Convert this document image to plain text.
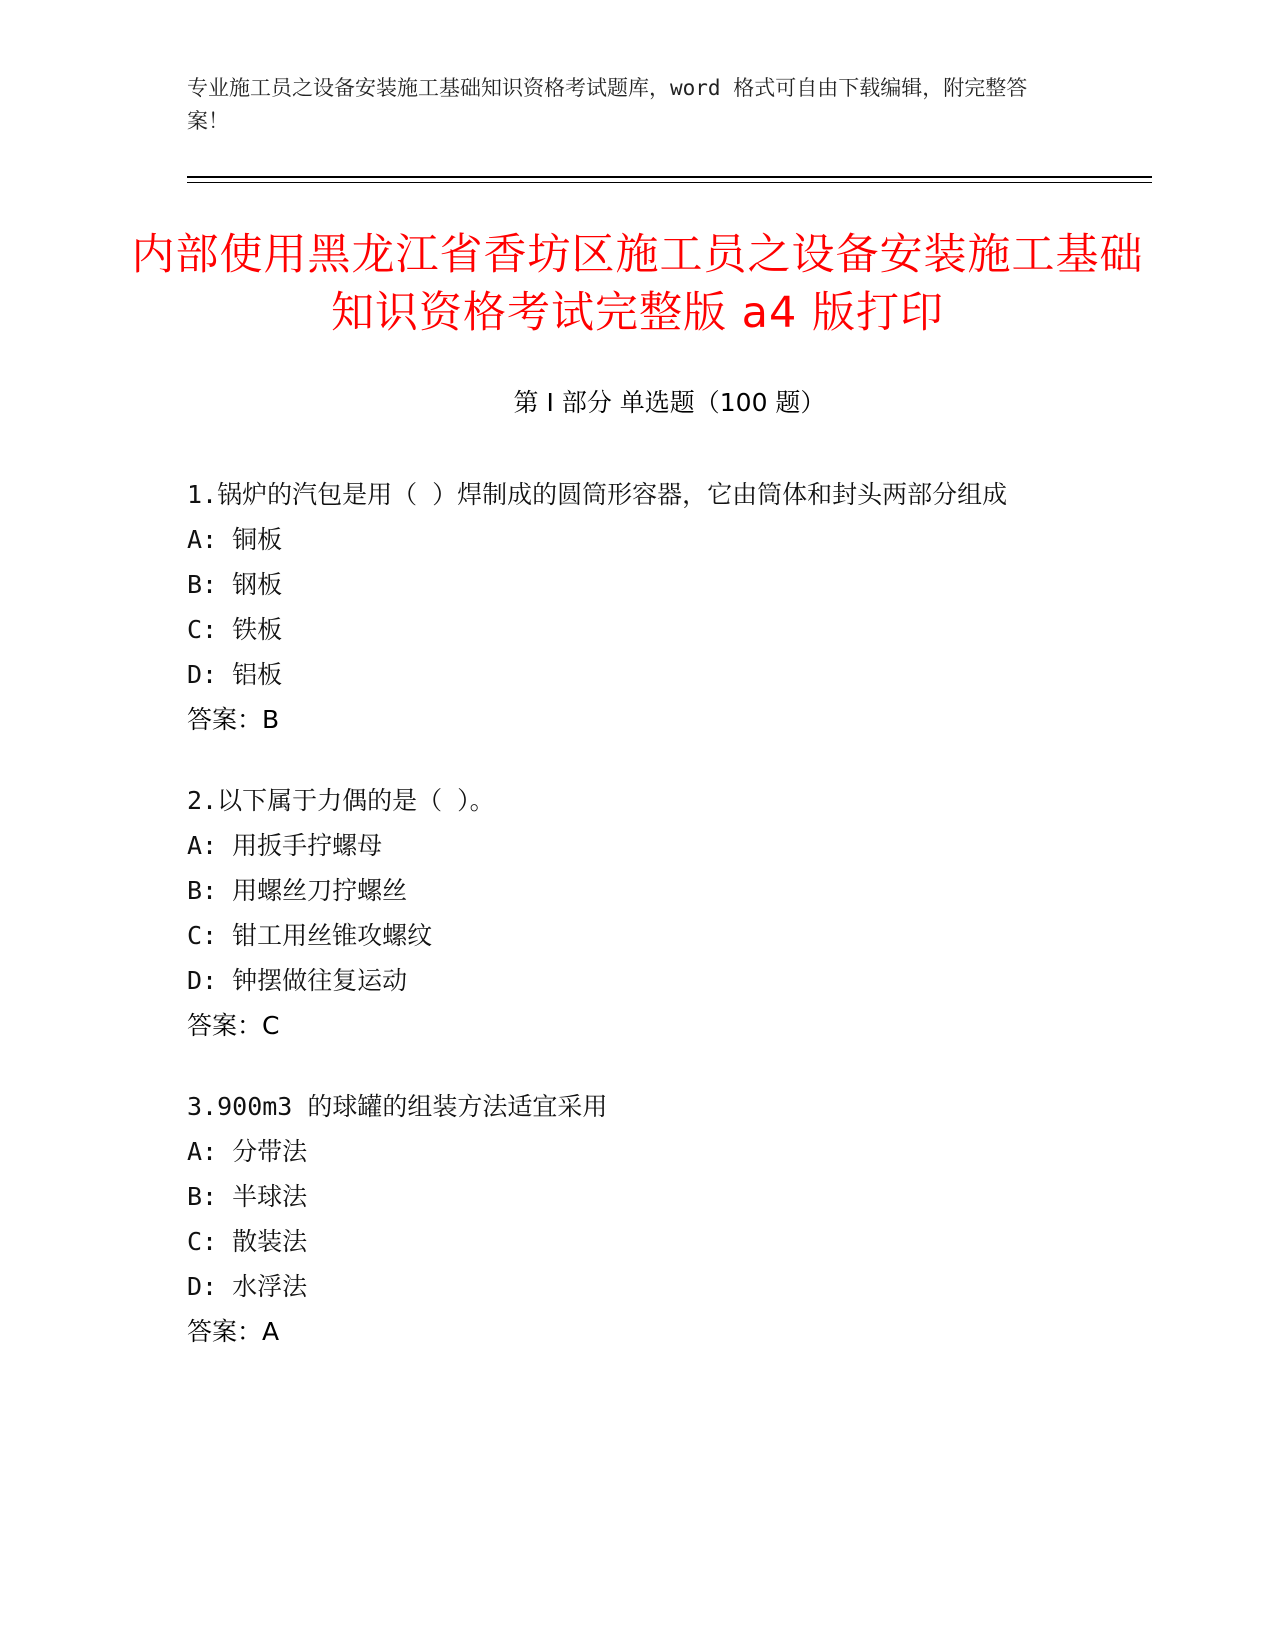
专业施工员之设备安装施工基础知识资格考试题库，word 格式可自由下载编辑，附完整答案！
内部使用黑龙江省香坊区施工员之设备安装施工基础知识资格考试完整版 a4 版打印
第 I 部分 单选题（100 题）
1.锅炉的汽包是用（ ）焊制成的圆筒形容器，它由筒体和封头两部分组成
A: 铜板
B: 钢板
C: 铁板
D: 铝板
答案：B
2.以下属于力偶的是（ ）。
A: 用扳手拧螺母
B: 用螺丝刀拧螺丝
C: 钳工用丝锥攻螺纹
D: 钟摆做往复运动
答案：C
3.900m3 的球罐的组装方法适宜采用
A: 分带法
B: 半球法
C: 散装法
D: 水浮法
答案：A
